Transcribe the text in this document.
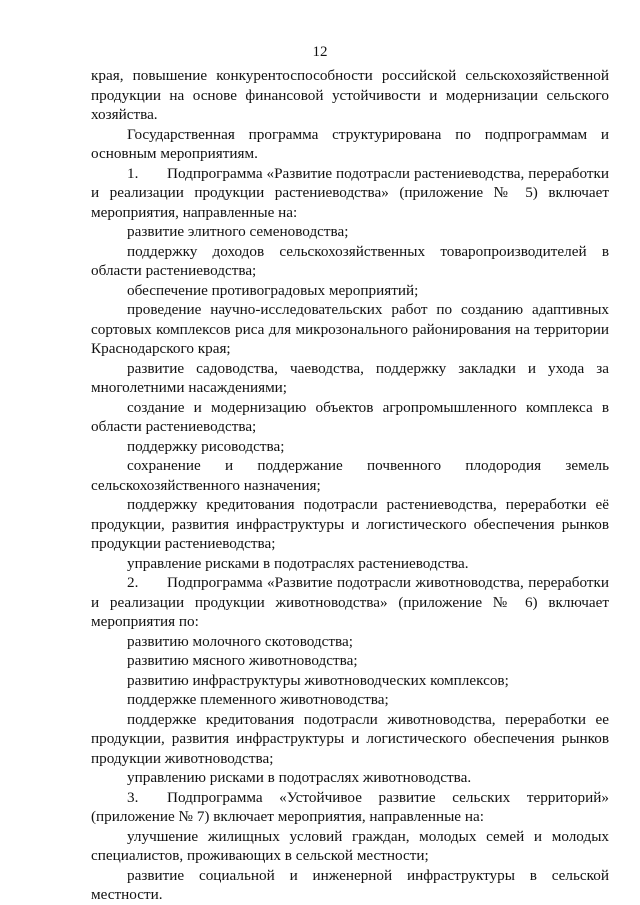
12

края, повышение конкурентоспособности российской сельскохозяйственной продукции на основе финансовой устойчивости и модернизации сельского хозяйства.

Государственная программа структурирована по подпрограммам и основным мероприятиям.

1. Подпрограмма «Развитие подотрасли растениеводства, переработки и реализации продукции растениеводства» (приложение № 5) включает мероприятия, направленные на:

развитие элитного семеноводства;

поддержку доходов сельскохозяйственных товаропроизводителей в области растениеводства;

обеспечение противоградовых мероприятий;

проведение научно-исследовательских работ по созданию адаптивных сортовых комплексов риса для микрозонального районирования на территории Краснодарского края;

развитие садоводства, чаеводства, поддержку закладки и ухода за многолетними насаждениями;

создание и модернизацию объектов агропромышленного комплекса в области растениеводства;

поддержку рисоводства;

сохранение и поддержание почвенного плодородия земель сельскохозяйственного назначения;

поддержку кредитования подотрасли растениеводства, переработки её продукции, развития инфраструктуры и логистического обеспечения рынков продукции растениеводства;

управление рисками в подотраслях растениеводства.

2. Подпрограмма «Развитие подотрасли животноводства, переработки и реализации продукции животноводства» (приложение № 6) включает мероприятия по:

развитию молочного скотоводства;

развитию мясного животноводства;

развитию инфраструктуры животноводческих комплексов;

поддержке племенного животноводства;

поддержке кредитования подотрасли животноводства, переработки ее продукции, развития инфраструктуры и логистического обеспечения рынков продукции животноводства;

управлению рисками в подотраслях животноводства.

3. Подпрограмма «Устойчивое развитие сельских территорий» (приложение № 7) включает мероприятия, направленные на:

улучшение жилищных условий граждан, молодых семей и молодых специалистов, проживающих в сельской местности;

развитие социальной и инженерной инфраструктуры в сельской местности.
